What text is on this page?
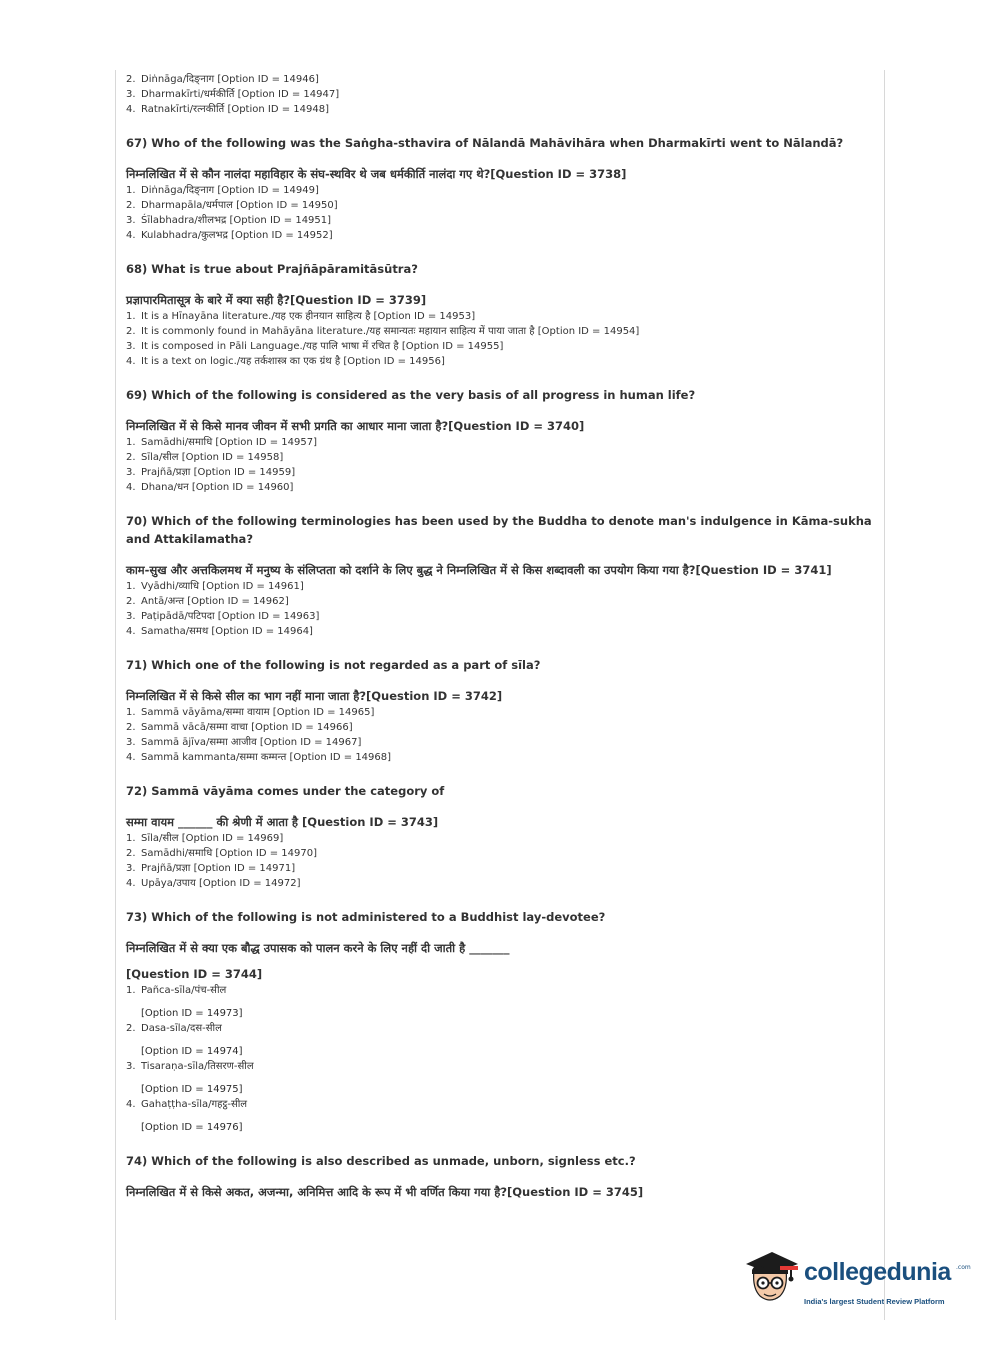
2. Diṅnāga/दिङ्नाग [Option ID = 14946]
3. Dharmakīrti/धर्मकीर्ति [Option ID = 14947]
4. Ratnakīrti/रत्नकीर्ति [Option ID = 14948]
67) Who of the following was the Saṅgha-sthavira of Nālandā Mahāvihāra when Dharmakīrti went to Nālandā?
निम्नलिखित में से कौन नालंदा महाविहार के संघ-स्थविर थे जब धर्मकीर्ति नालंदा गए थे?[Question ID = 3738]
1. Diṅnāga/दिङ्नाग [Option ID = 14949]
2. Dharmapāla/धर्मपाल [Option ID = 14950]
3. Śīlabhadra/शीलभद्र [Option ID = 14951]
4. Kulabhadra/कुलभद्र [Option ID = 14952]
68) What is true about Prajñāpāramitāsūtra?
प्रज्ञापारमितासूत्र के बारे में क्या सही है?[Question ID = 3739]
1. It is a Hīnayāna literature./यह एक हीनयान साहित्य है [Option ID = 14953]
2. It is commonly found in Mahāyāna literature./यह समान्यतः महायान साहित्य में पाया जाता है [Option ID = 14954]
3. It is composed in Pāli Language./यह पालि भाषा में रचित है [Option ID = 14955]
4. It is a text on logic./यह तर्कशास्त्र का एक ग्रंथ है [Option ID = 14956]
69) Which of the following is considered as the very basis of all progress in human life?
निम्नलिखित में से किसे मानव जीवन में सभी प्रगति का आधार माना जाता है?[Question ID = 3740]
1. Samādhi/समाधि [Option ID = 14957]
2. Sīla/सील [Option ID = 14958]
3. Prajñā/प्रज्ञा [Option ID = 14959]
4. Dhana/धन [Option ID = 14960]
70) Which of the following terminologies has been used by the Buddha to denote man's indulgence in Kāma-sukha and Attakilamatha?
काम-सुख और अत्तकिलमथ में मनुष्य के संलिप्तता को दर्शाने के लिए बुद्ध ने निम्नलिखित में से किस शब्दावली का उपयोग किया गया है?[Question ID = 3741]
1. Vyādhi/व्याधि [Option ID = 14961]
2. Antā/अन्त [Option ID = 14962]
3. Paṭipādā/पटिपदा [Option ID = 14963]
4. Samatha/समथ [Option ID = 14964]
71) Which one of the following is not regarded as a part of sīla?
निम्नलिखित में से किसे सील का भाग नहीं माना जाता है?[Question ID = 3742]
1. Sammā vāyāma/सम्मा वायाम [Option ID = 14965]
2. Sammā vācā/सम्मा वाचा [Option ID = 14966]
3. Sammā ājīva/सम्मा आजीव [Option ID = 14967]
4. Sammā kammanta/सम्मा कम्मन्त [Option ID = 14968]
72) Sammā vāyāma comes under the category of
सम्मा वायम ______ की श्रेणी में आता है [Question ID = 3743]
1. Sīla/सील [Option ID = 14969]
2. Samādhi/समाधि [Option ID = 14970]
3. Prajñā/प्रज्ञा [Option ID = 14971]
4. Upāya/उपाय [Option ID = 14972]
73) Which of the following is not administered to a Buddhist lay-devotee?
निम्नलिखित में से क्या एक बौद्ध उपासक को पालन करने के लिए नहीं दी जाती है _______
[Question ID = 3744]
1. Pañca-sīla/पंच-सील
[Option ID = 14973]
2. Dasa-sīla/दस-सील
[Option ID = 14974]
3. Tisaraṇa-sīla/तिसरण-सील
[Option ID = 14975]
4. Gahaṭṭha-sīla/गहट्ठ-सील
[Option ID = 14976]
74) Which of the following is also described as unmade, unborn, signless etc.?
निम्नलिखित में से किसे अकत, अजन्मा, अनिमित्त आदि के रूप में भी वर्णित किया गया है?[Question ID = 3745]
collegedunia .com
India's largest Student Review Platform
